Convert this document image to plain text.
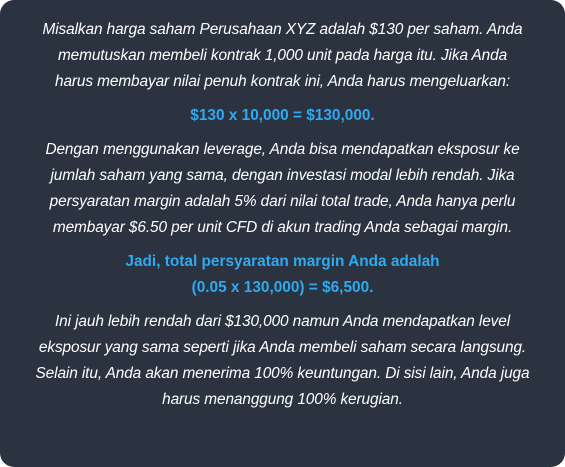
Misalkan harga saham Perusahaan XYZ adalah $130 per saham. Anda
memutuskan membeli kontrak 1,000 unit pada harga itu. Jika Anda
harus membayar nilai penuh kontrak ini, Anda harus mengeluarkan:

$130 x 10,000 = $130,000.

Dengan menggunakan leverage, Anda bisa mendapatkan eksposur ke
jumlah saham yang sama, dengan investasi modal lebih rendah. Jika
persyaratan margin adalah 5% dari nilai total trade, Anda hanya perlu
membayar $6.50 per unit CFD di akun trading Anda sebagai margin.

Jadi, total persyaratan margin Anda adalah
(0.05 x 130,000) = $6,500.

Ini jauh lebih rendah dari $130,000 namun Anda mendapatkan level
eksposur yang sama seperti jika Anda membeli saham secara langsung.
Selain itu, Anda akan menerima 100% keuntungan. Di sisi lain, Anda juga
harus menanggung 100% kerugian.
